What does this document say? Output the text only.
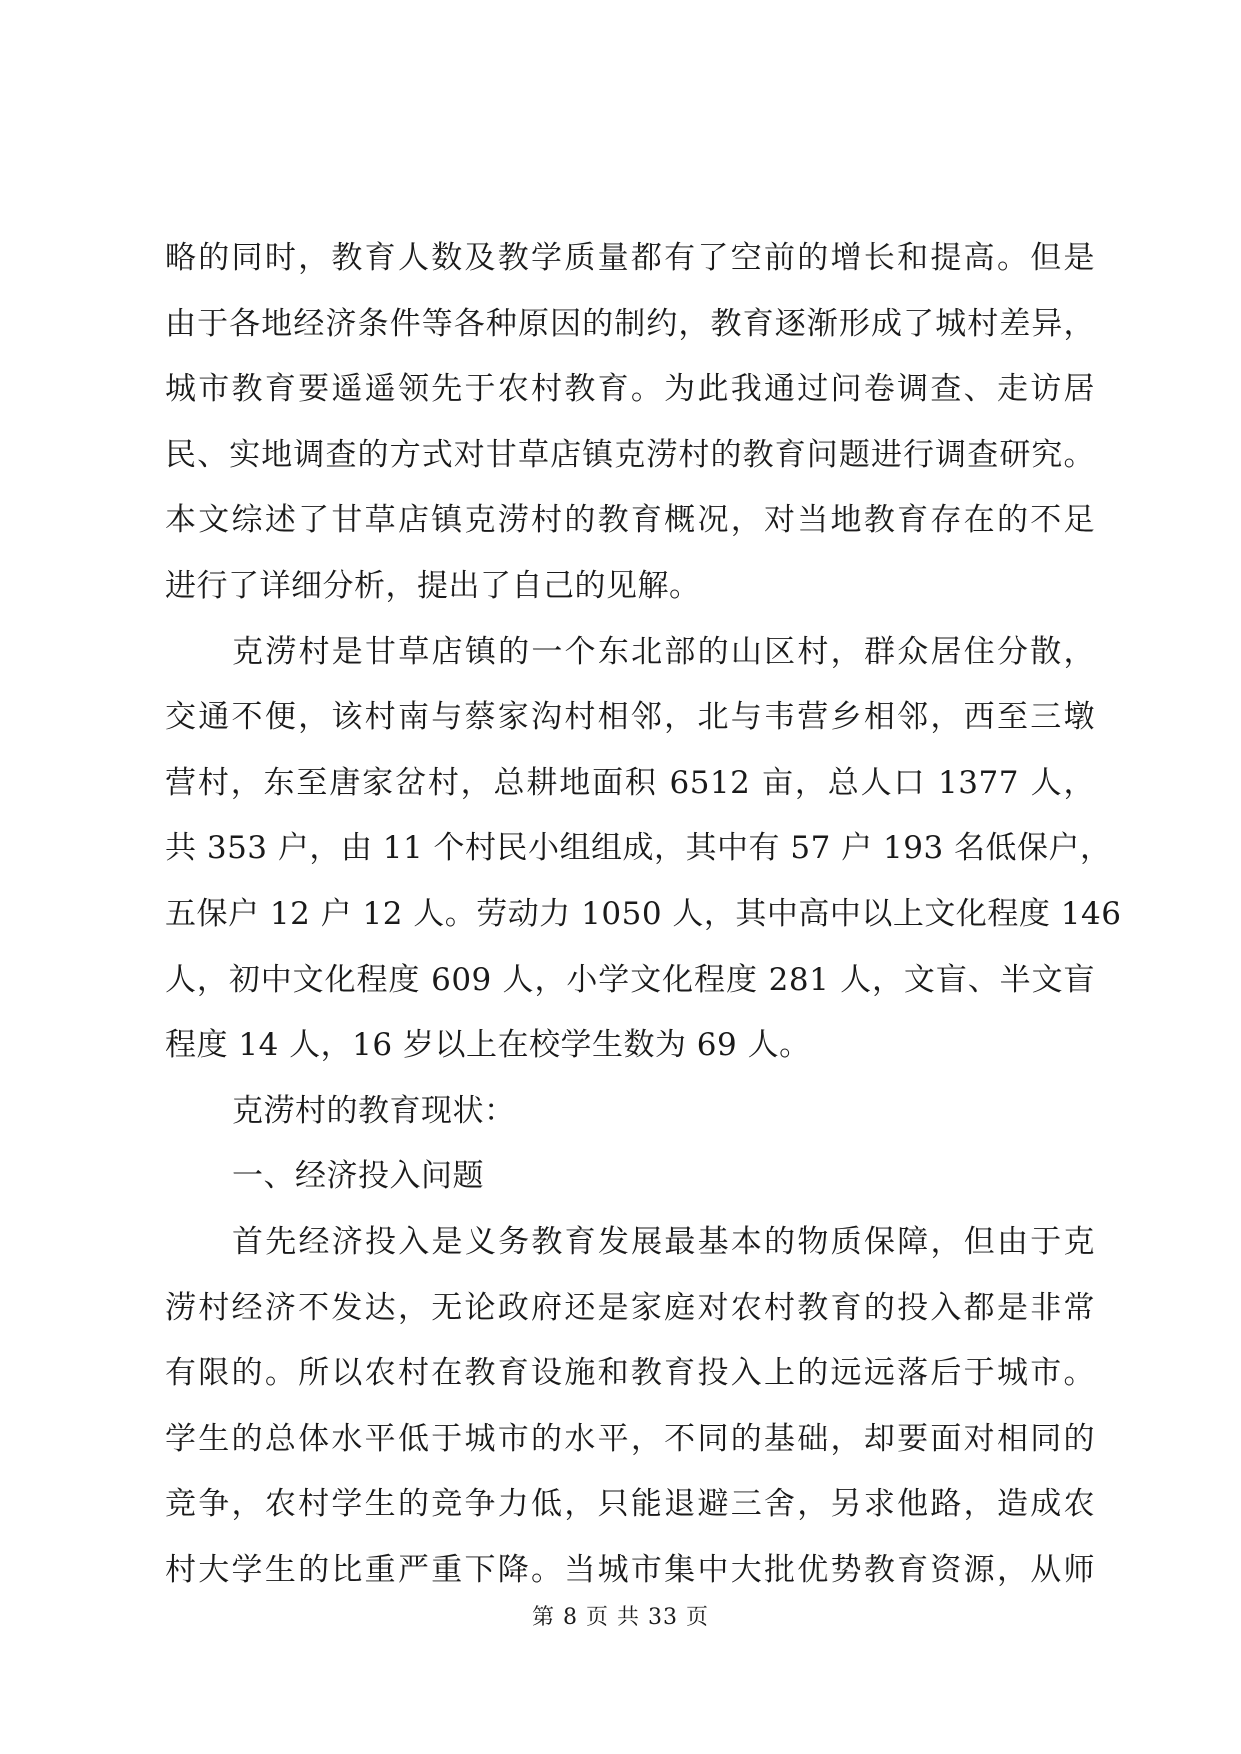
略的同时，教育人数及教学质量都有了空前的增长和提高。但是
由于各地经济条件等各种原因的制约，教育逐渐形成了城村差异，
城市教育要遥遥领先于农村教育。为此我通过问卷调查、走访居
民、实地调查的方式对甘草店镇克涝村的教育问题进行调查研究。
本文综述了甘草店镇克涝村的教育概况，对当地教育存在的不足
进行了详细分析，提出了自己的见解。
克涝村是甘草店镇的一个东北部的山区村，群众居住分散，
交通不便，该村南与蔡家沟村相邻，北与韦营乡相邻，西至三墩
营村，东至唐家岔村，总耕地面积 6512 亩，总人口 1377 人，
共 353 户，由 11 个村民小组组成，其中有 57 户 193 名低保户，
五保户 12 户 12 人。劳动力 1050 人，其中高中以上文化程度 146
人，初中文化程度 609 人，小学文化程度 281 人，文盲、半文盲
程度 14 人，16 岁以上在校学生数为 69 人。
克涝村的教育现状：
一、经济投入问题
首先经济投入是义务教育发展最基本的物质保障，但由于克
涝村经济不发达，无论政府还是家庭对农村教育的投入都是非常
有限的。所以农村在教育设施和教育投入上的远远落后于城市。
学生的总体水平低于城市的水平，不同的基础，却要面对相同的
竞争，农村学生的竞争力低，只能退避三舍，另求他路，造成农
村大学生的比重严重下降。当城市集中大批优势教育资源，从师
第 8 页 共 33 页
